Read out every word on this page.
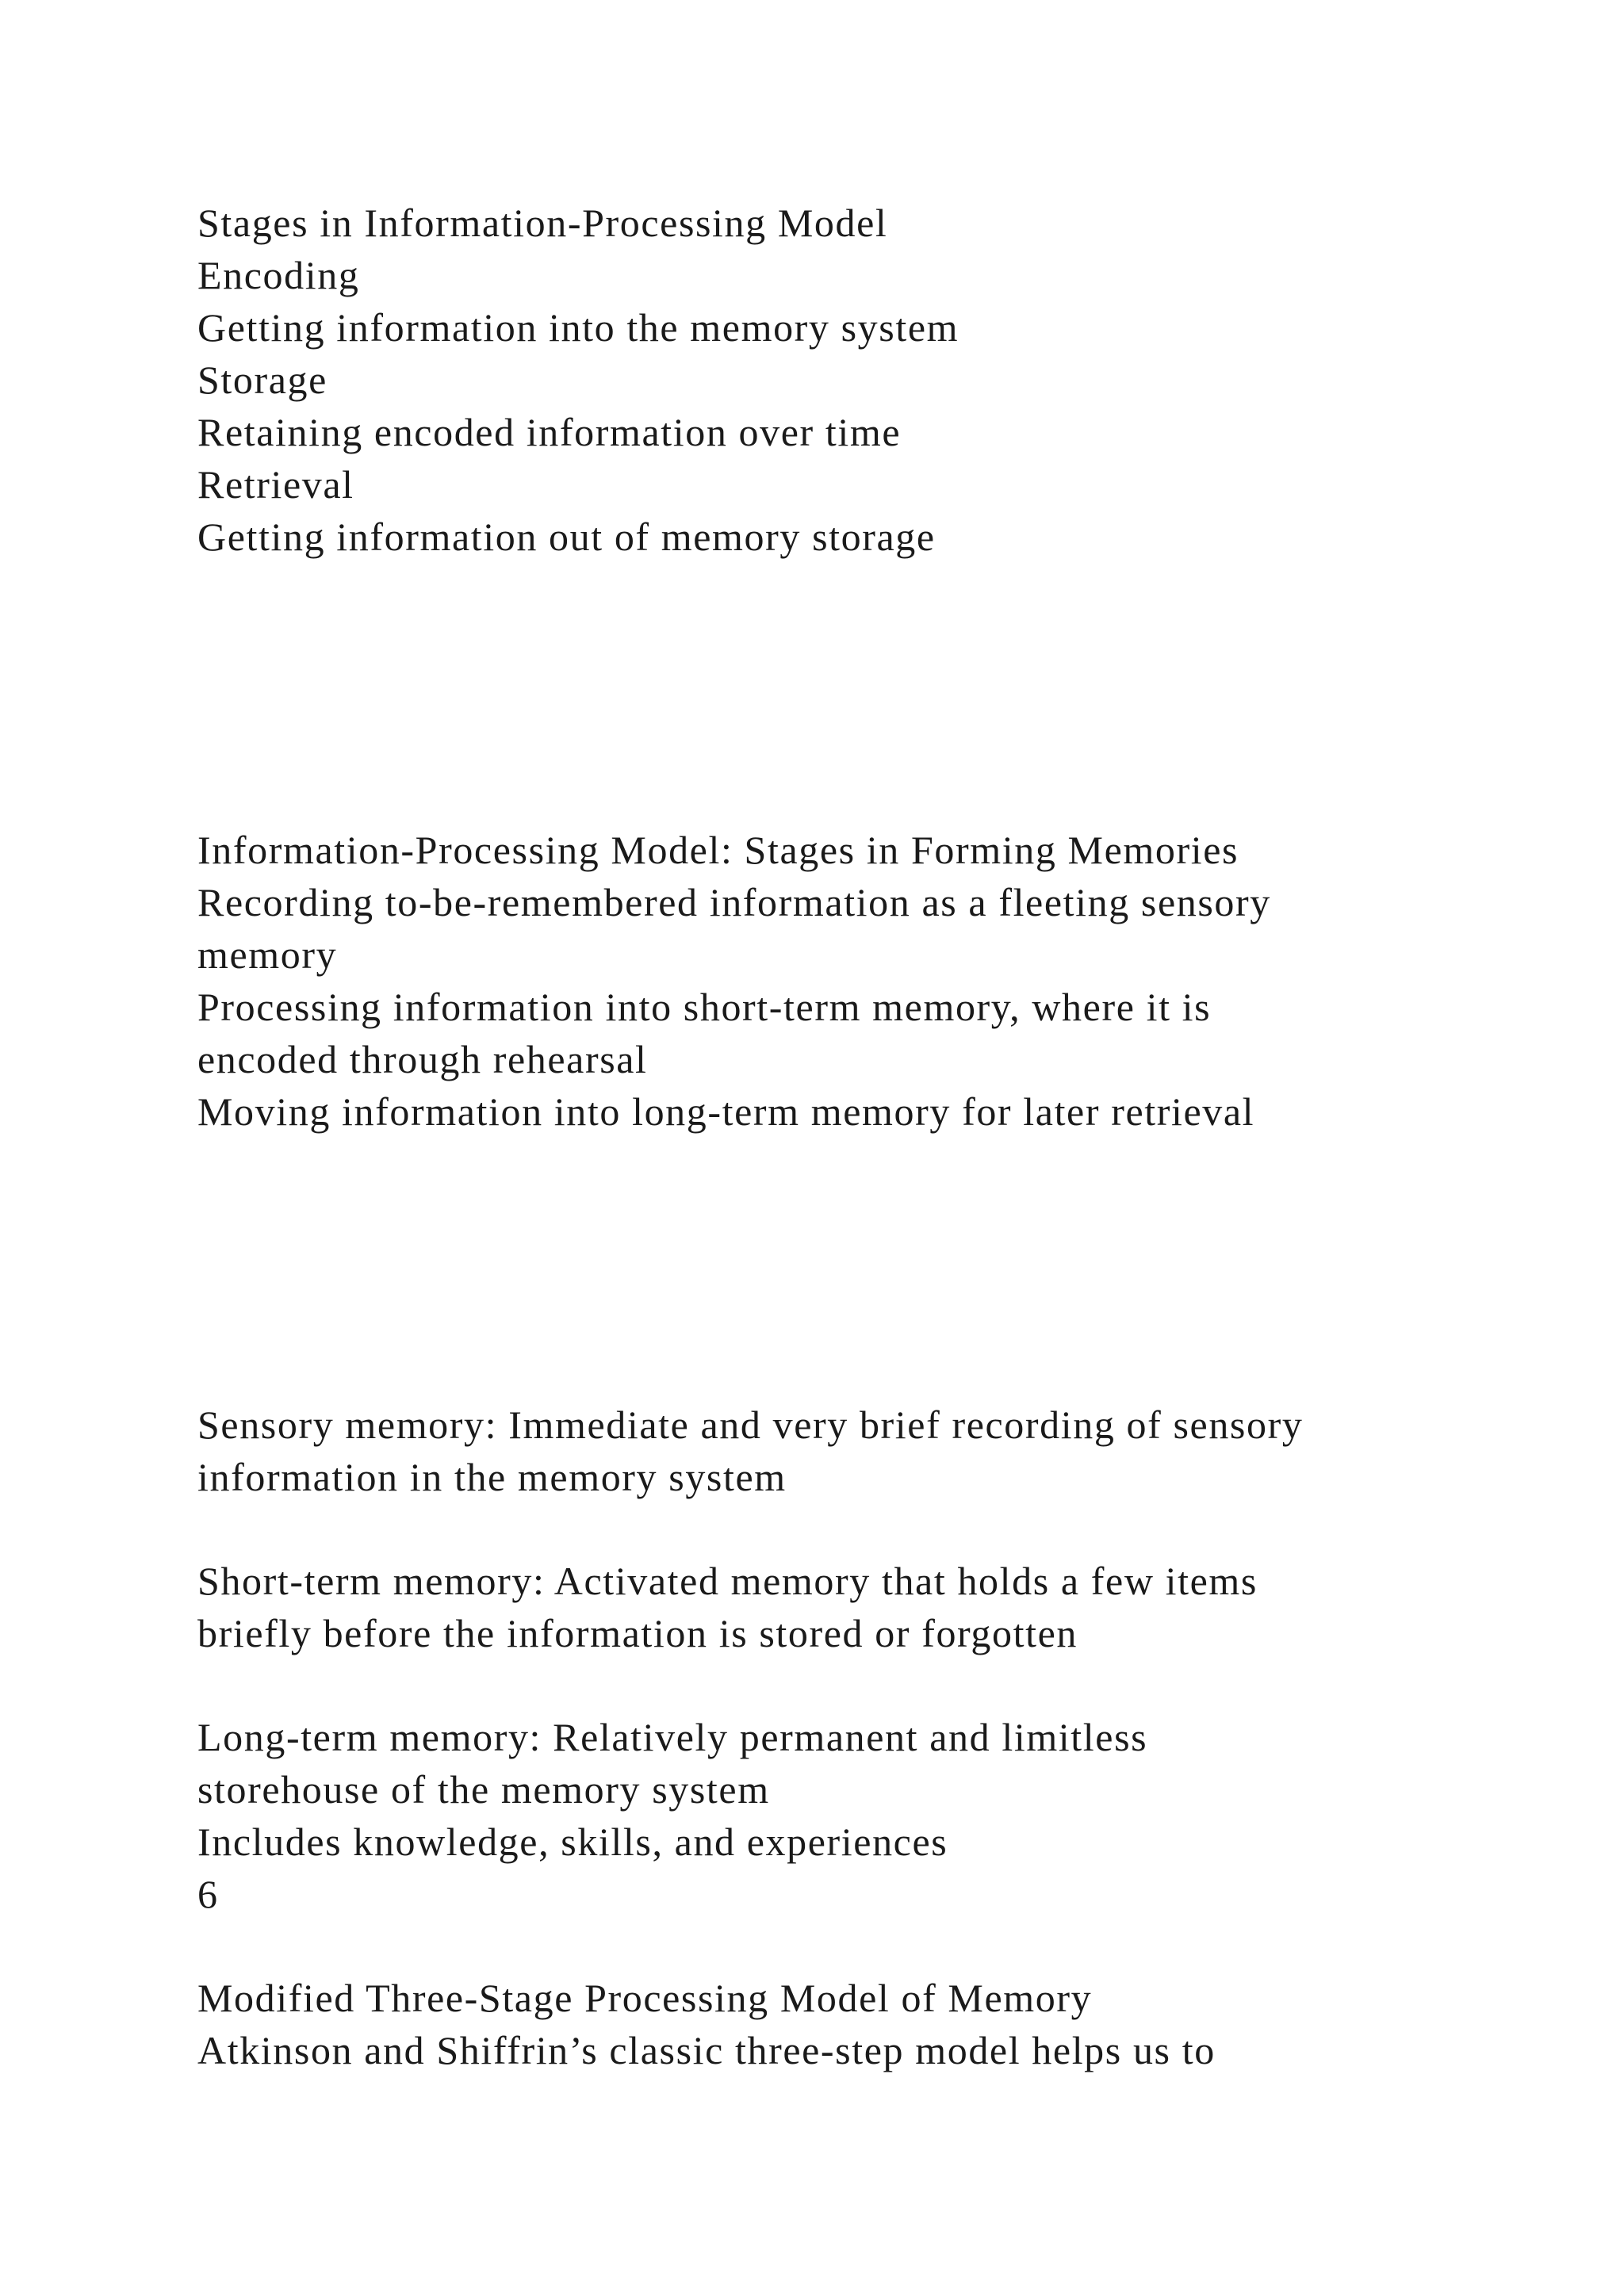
Stages in Information-Processing Model

Encoding

Getting information into the memory system

Storage

Retaining encoded information over time

Retrieval

Getting information out of memory storage

Information-Processing Model: Stages in Forming Memories

Recording to-be-remembered information as a fleeting sensory

memory

Processing information into short-term memory, where it is

encoded through rehearsal

Moving information into long-term memory for later retrieval

Sensory memory: Immediate and very brief recording of sensory

information in the memory system

Short-term memory: Activated memory that holds a few items

briefly before the information is stored or forgotten

Long-term memory: Relatively permanent and limitless

storehouse of the memory system

Includes knowledge, skills, and experiences

6

Modified Three-Stage Processing Model of Memory

Atkinson and Shiffrin’s classic three-step model helps us to
